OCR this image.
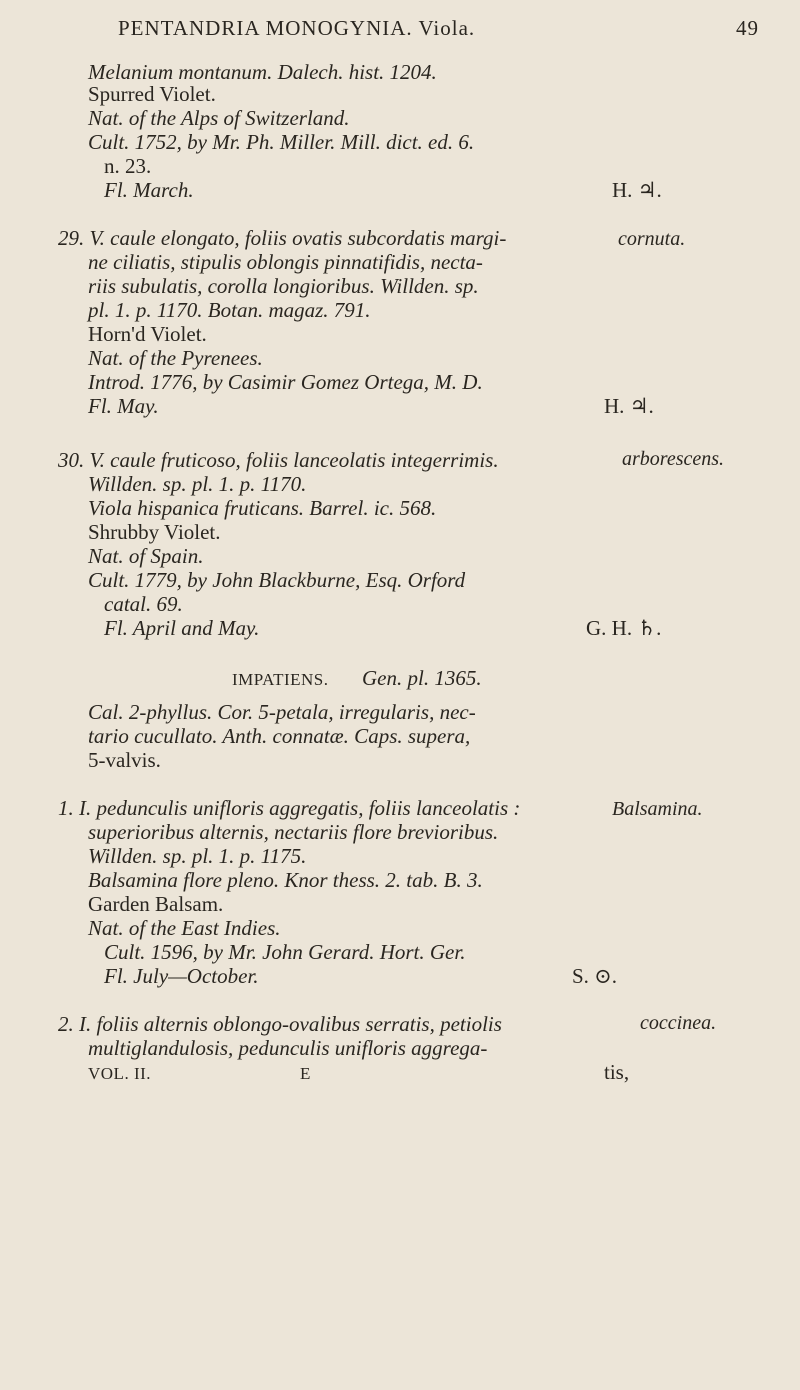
PENTANDRIA MONOGYNIA. Viola.	49
Melanium montanum. Dalech. hist. 1204.
Spurred Violet.
Nat. of the Alps of Switzerland.
Cult. 1752, by Mr. Ph. Miller. Mill. dict. ed. 6.
n. 23.
Fl. March.	H. ♃.
29. V. caule elongato, foliis ovatis subcordatis margi-
ne ciliatis, stipulis oblongis pinnatifidis, necta-
riis subulatis, corolla longioribus. Willden. sp.
pl. 1. p. 1170. Botan. magaz. 791.
Horn'd Violet.
Nat. of the Pyrenees.
Introd. 1776, by Casimir Gomez Ortega, M. D.
Fl. May.	H. ♃.
cornuta.
30. V. caule fruticoso, foliis lanceolatis integerrimis.
Willden. sp. pl. 1. p. 1170.
Viola hispanica fruticans. Barrel. ic. 568.
Shrubby Violet.
Nat. of Spain.
Cult. 1779, by John Blackburne, Esq. Orford
catal. 69.
Fl. April and May.	G. H. ♄.
arborescens.
IMPATIENS. Gen. pl. 1365.
Cal. 2-phyllus. Cor. 5-petala, irregularis, nec-
tario cucullato. Anth. connatæ. Caps. supera,
5-valvis.
1. I. pedunculis unifloris aggregatis, foliis lanceolatis :
superioribus alternis, nectariis flore brevioribus.
Willden. sp. pl. 1. p. 1175.
Balsamina flore pleno. Knor thess. 2. tab. B. 3.
Garden Balsam.
Nat. of the East Indies.
Cult. 1596, by Mr. John Gerard. Hort. Ger.
Fl. July—October.	S. ⊙.
Balsamina.
2. I. foliis alternis oblongo-ovalibus serratis, petiolis
multiglandulosis, pedunculis unifloris aggrega-
VOL. II.	E	tis,
coccinea.
